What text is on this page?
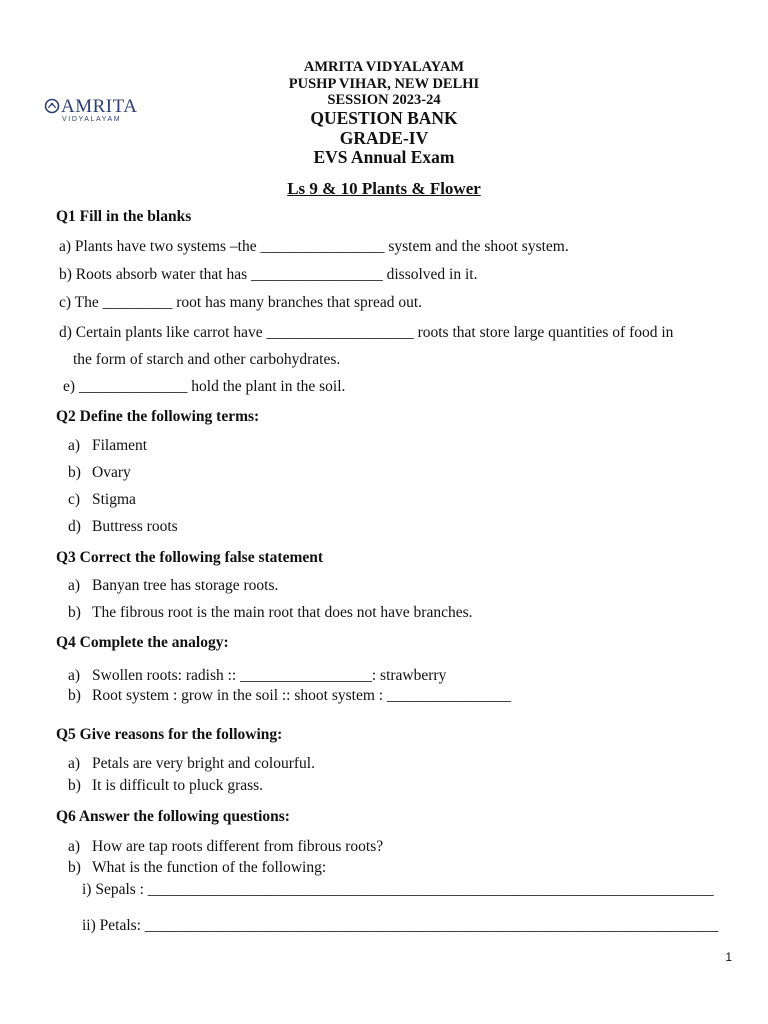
AMRITA
VIDYALAYAM
AMRITA VIDYALAYAM
PUSHP VIHAR, NEW DELHI
SESSION 2023-24
QUESTION BANK
GRADE-IV
EVS Annual Exam
Ls 9 & 10 Plants & Flower
Q1 Fill in the blanks
a) Plants have two systems –the ________________ system and the shoot system.
b) Roots absorb water that has _________________ dissolved in it.
c) The _________ root has many branches that spread out.
d) Certain plants like carrot have ___________________ roots that store large quantities of food in
the form of starch and other carbohydrates.
e) ______________ hold the plant in the soil.
Q2 Define the following terms:
a) Filament
b) Ovary
c) Stigma
d) Buttress roots
Q3 Correct the following false statement
a) Banyan tree has storage roots.
b) The fibrous root is the main root that does not have branches.
Q4 Complete the analogy:
a) Swollen roots: radish :: _________________: strawberry
b) Root system : grow in the soil :: shoot system : ________________
Q5 Give reasons for the following:
a) Petals are very bright and colourful.
b) It is difficult to pluck grass.
Q6 Answer the following questions:
a) How are tap roots different from fibrous roots?
b) What is the function of the following:
i) Sepals : _________________________________________________________________________
ii) Petals: __________________________________________________________________________
1
